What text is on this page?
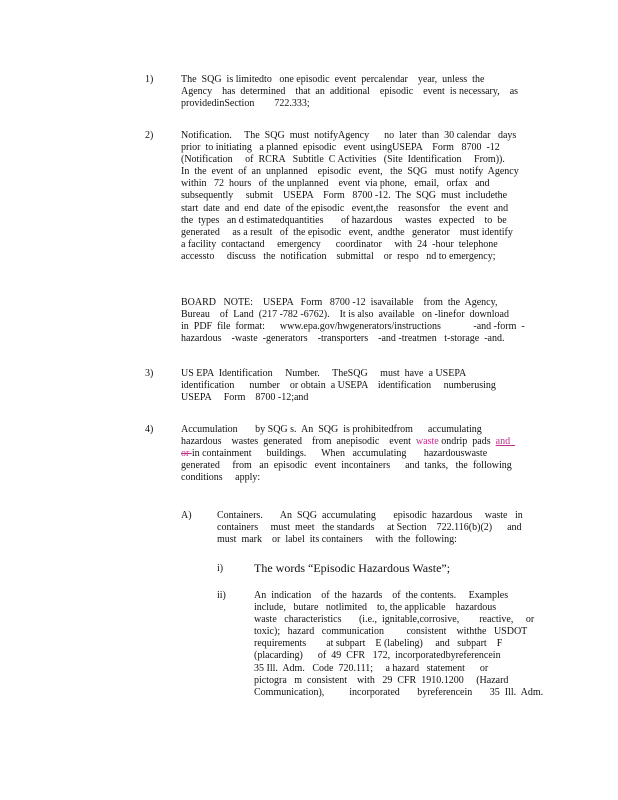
1)	The  SQG  is limitedto   one episodic  event  percalendar    year,  unless  the
Agency    has  determined    that  an  additional    episodic    event  is necessary,    as
providedinSection        722.333;
2)	Notification.     The  SQG  must  notifyAgency      no  later  than  30 calendar   days
prior  to initiating   a planned  episodic   event  usingUSEPA    Form   8700  -12
(Notification     of  RCRA   Subtitle  C Activities   (Site  Identification     From)).
In  the  event  of  an  unplanned    episodic   event,   the  SQG   must  notify  Agency
within   72  hours   of  the unplanned    event  via phone,   email,   orfax   and
subsequently     submit    USEPA    Form   8700 -12.  The  SQG  must  includethe
start  date  and  end  date  of the episodic   event,the    reasonsfor    the  event  and
the  types   an d estimatedquantities       of hazardous     wastes   expected    to  be
generated     as a result   of  the episodic   event,  andthe   generator    must identify
a facility  contactand     emergency      coordinator     with  24  -hour  telephone
accessto     discuss   the  notification    submittal    or  respo   nd to emergency;
BOARD   NOTE:    USEPA   Form   8700 -12  isavailable    from  the  Agency,
Bureau    of  Land  (217 -782 -6762).    It is also  available   on -linefor  download
in  PDF  file  format:      www.epa.gov/hwgenerators/instructions             -and -form  -
hazardous    -waste  -generators    -transporters    -and -treatmen   t-storage  -and.
3)	US EPA  Identification     Number.     TheSQG     must  have  a USEPA
identification      number    or obtain  a USEPA    identification     numberusing
USEPA     Form    8700 -12;and
4)	Accumulation       by SQG s.  An  SQG  is prohibitedfrom      accumulating
hazardous    wastes  generated    from  anepisodic    event  waste ondrip  pads  and
or in containment      buildings.      When   accumulating       hazardouswaste
generated     from   an  episodic   event  incontainers      and  tanks,   the  following
conditions     apply:
A)	Containers.       An  SQG  accumulating       episodic  hazardous     waste   in
containers     must  meet   the standards     at Section    722.116(b)(2)      and
must  mark    or  label  its containers     with  the  following:
i)	The words “Episodic Hazardous Waste”;
ii)	An  indication    of  the  hazards    of  the contents.     Examples
include,   butare   notlimited    to, the applicable    hazardous
waste   characteristics       (i.e.,  ignitable,corrosive,        reactive,     or
toxic);   hazard   communication         consistent    withthe   USDOT
requirements        at subpart    E (labeling)     and   subpart    F
(placarding)      of  49  CFR   172,  incorporatedbyreferencein
35 Ill.  Adm.   Code  720.111;     a hazard   statement      or
pictogra   m  consistent    with   29  CFR  1910.1200     (Hazard
Communication),          incorporated       byreferencein       35  Ill.  Adm.
